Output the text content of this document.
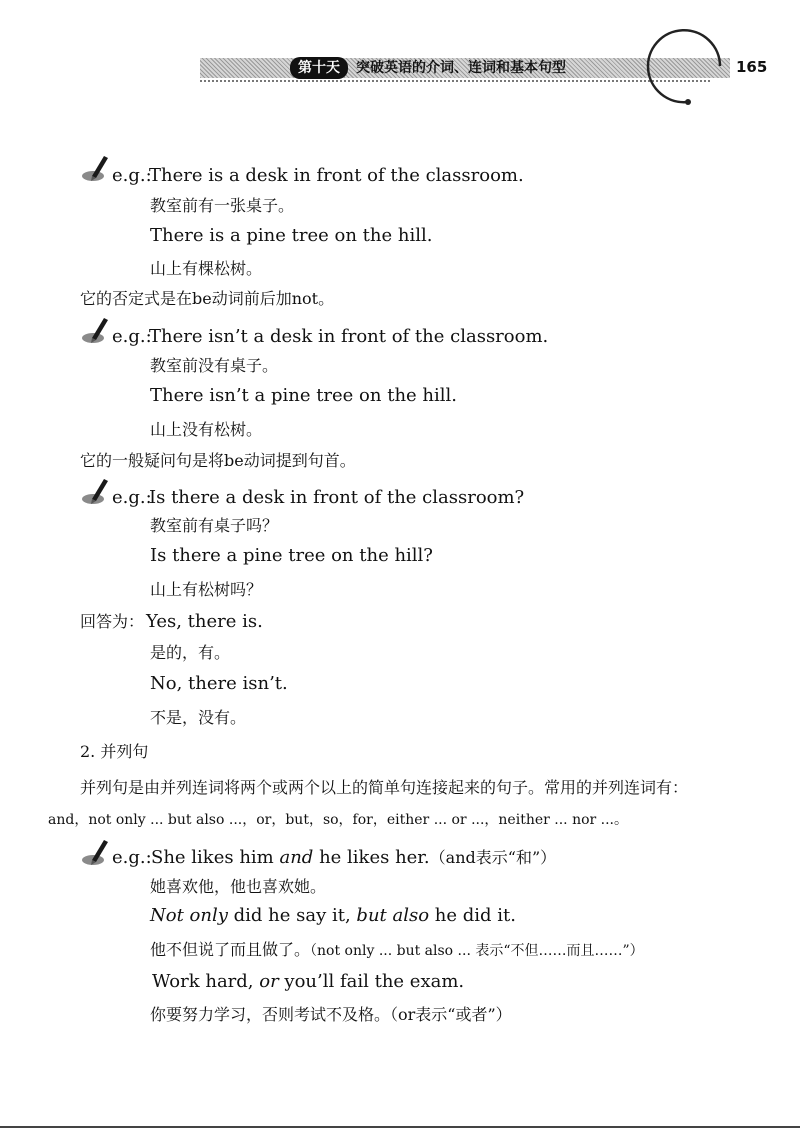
第十天	突破英语的介词、连词和基本句型	165
e.g.:
There is a desk in front of the classroom.
教室前有一张桌子。
There is a pine tree on the hill.
山上有棵松树。
它的否定式是在be动词前后加not。
e.g.:
There isn’t a desk in front of the classroom.
教室前没有桌子。
There isn’t a pine tree on the hill.
山上没有松树。
它的一般疑问句是将be动词提到句首。
e.g.:
Is there a desk in front of the classroom?
教室前有桌子吗？
Is there a pine tree on the hill?
山上有松树吗？
回答为： Yes, there is.
是的，有。
No, there isn’t.
不是，没有。
2. 并列句
并列句是由并列连词将两个或两个以上的简单句连接起来的句子。常用的并列连词有：
and，not only ... but also ...，or，but，so，for，either ... or ...，neither ... nor ...。
e.g.: She likes him and he likes her.（and表示“和”）
她喜欢他，他也喜欢她。
Not only did he say it, but also he did it.
他不但说了而且做了。（not only ... but also ... 表示“不但……而且……”）
Work hard, or you’ll fail the exam.
你要努力学习，否则考试不及格。（or表示“或者”）
